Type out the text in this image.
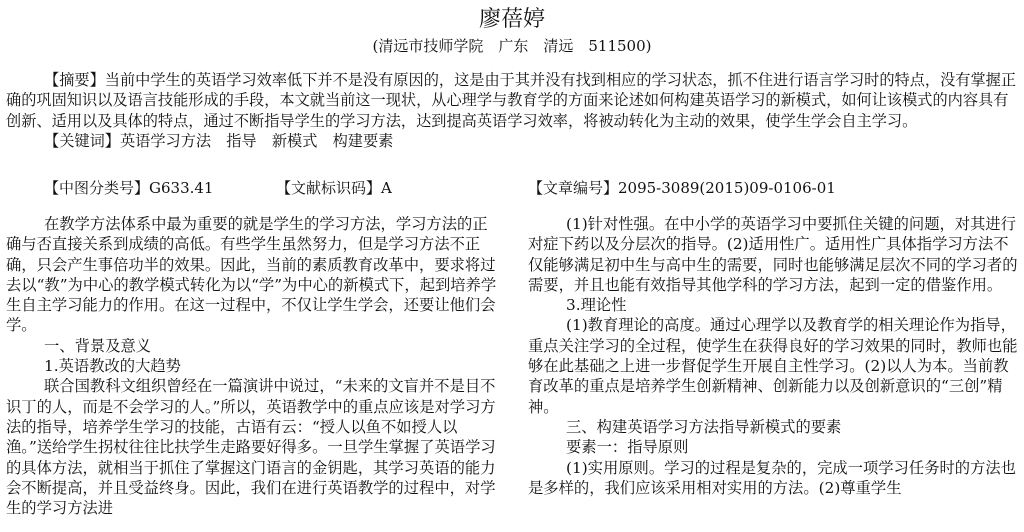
廖蓓婷
(清远市技师学院　广东　清远　511500)

【摘要】当前中学生的英语学习效率低下并不是没有原因的，这是由于其并没有找到相应的学习状态，抓不住进行语言学习时的特点，没有掌握正确的巩固知识以及语言技能形成的手段，本文就当前这一现状，从心理学与教育学的方面来论述如何构建英语学习的新模式，如何让该模式的内容具有创新、适用以及具体的特点，通过不断指导学生的学习方法，达到提高英语学习效率，将被动转化为主动的效果，使学生学会自主学习。

【关键词】英语学习方法　指导　新模式　构建要素

【中图分类号】G633.41	【文献标识码】A	【文章编号】2095-3089(2015)09-0106-01

在教学方法体系中最为重要的就是学生的学习方法，学习方法的正确与否直接关系到成绩的高低。有些学生虽然努力，但是学习方法不正确，只会产生事倍功半的效果。因此，当前的素质教育改革中，要求将过去以“教”为中心的教学模式转化为以“学”为中心的新模式下，起到培养学生自主学习能力的作用。在这一过程中，不仅让学生学会，还要让他们会学。

一、背景及意义

1.英语教改的大趋势

联合国教科文组织曾经在一篇演讲中说过，“未来的文盲并不是目不识丁的人，而是不会学习的人。”所以，英语教学中的重点应该是对学习方法的指导，培养学生学习的技能，古语有云：“授人以鱼不如授人以渔。”送给学生拐杖往往比扶学生走路要好得多。一旦学生掌握了英语学习的具体方法，就相当于抓住了掌握这门语言的金钥匙，其学习英语的能力会不断提高，并且受益终身。因此，我们在进行英语教学的过程中，对学生的学习方法进

(1)针对性强。在中小学的英语学习中要抓住关键的问题，对其进行对症下药以及分层次的指导。(2)适用性广。适用性广具体指学习方法不仅能够满足初中生与高中生的需要，同时也能够满足层次不同的学习者的需要，并且也能有效指导其他学科的学习方法，起到一定的借鉴作用。

3.理论性

(1)教育理论的高度。通过心理学以及教育学的相关理论作为指导，重点关注学习的全过程，使学生在获得良好的学习效果的同时，教师也能够在此基础之上进一步督促学生开展自主性学习。(2)以人为本。当前教育改革的重点是培养学生创新精神、创新能力以及创新意识的“三创”精神。

三、构建英语学习方法指导新模式的要素

要素一：指导原则

(1)实用原则。学习的过程是复杂的，完成一项学习任务时的方法也是多样的，我们应该采用相对实用的方法。(2)尊重学生
